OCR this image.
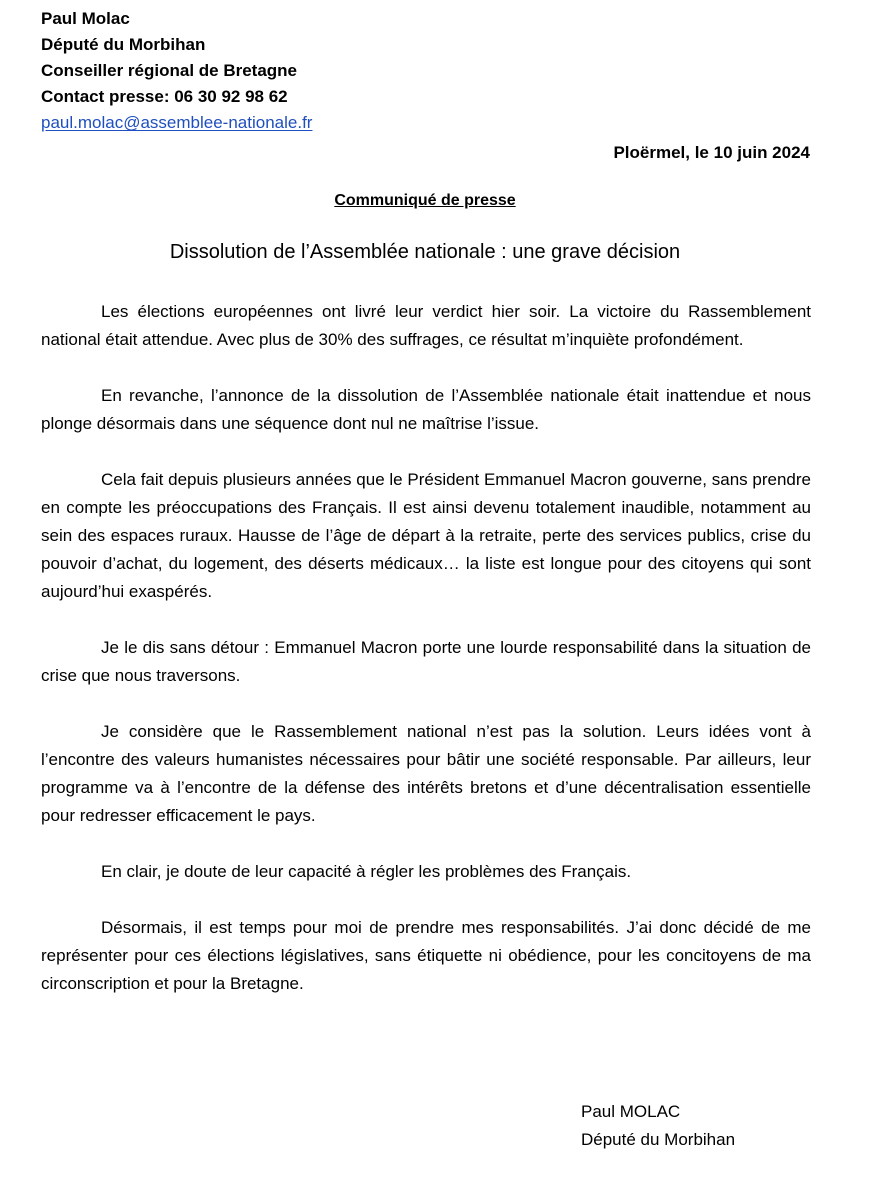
Paul Molac
Député du Morbihan
Conseiller régional de Bretagne
Contact presse: 06 30 92 98 62
paul.molac@assemblee-nationale.fr
Ploërmel, le 10 juin 2024
Communiqué de presse
Dissolution de l’Assemblée nationale : une grave décision

Les élections européennes ont livré leur verdict hier soir. La victoire du Rassemblement national était attendue. Avec plus de 30% des suffrages, ce résultat m’inquiète profondément.

En revanche, l’annonce de la dissolution de l’Assemblée nationale était inattendue et nous plonge désormais dans une séquence dont nul ne maîtrise l’issue.

Cela fait depuis plusieurs années que le Président Emmanuel Macron gouverne, sans prendre en compte les préoccupations des Français. Il est ainsi devenu totalement inaudible, notamment au sein des espaces ruraux. Hausse de l’âge de départ à la retraite, perte des services publics, crise du pouvoir d’achat, du logement, des déserts médicaux… la liste est longue pour des citoyens qui sont aujourd’hui exaspérés.

Je le dis sans détour : Emmanuel Macron porte une lourde responsabilité dans la situation de crise que nous traversons.

Je considère que le Rassemblement national n’est pas la solution. Leurs idées vont à l’encontre des valeurs humanistes nécessaires pour bâtir une société responsable. Par ailleurs, leur programme va à l’encontre de la défense des intérêts bretons et d’une décentralisation essentielle pour redresser efficacement le pays.

En clair, je doute de leur capacité à régler les problèmes des Français.

Désormais, il est temps pour moi de prendre mes responsabilités. J’ai donc décidé de me représenter pour ces élections législatives, sans étiquette ni obédience, pour les concitoyens de ma circonscription et pour la Bretagne.

Paul MOLAC
Député du Morbihan
